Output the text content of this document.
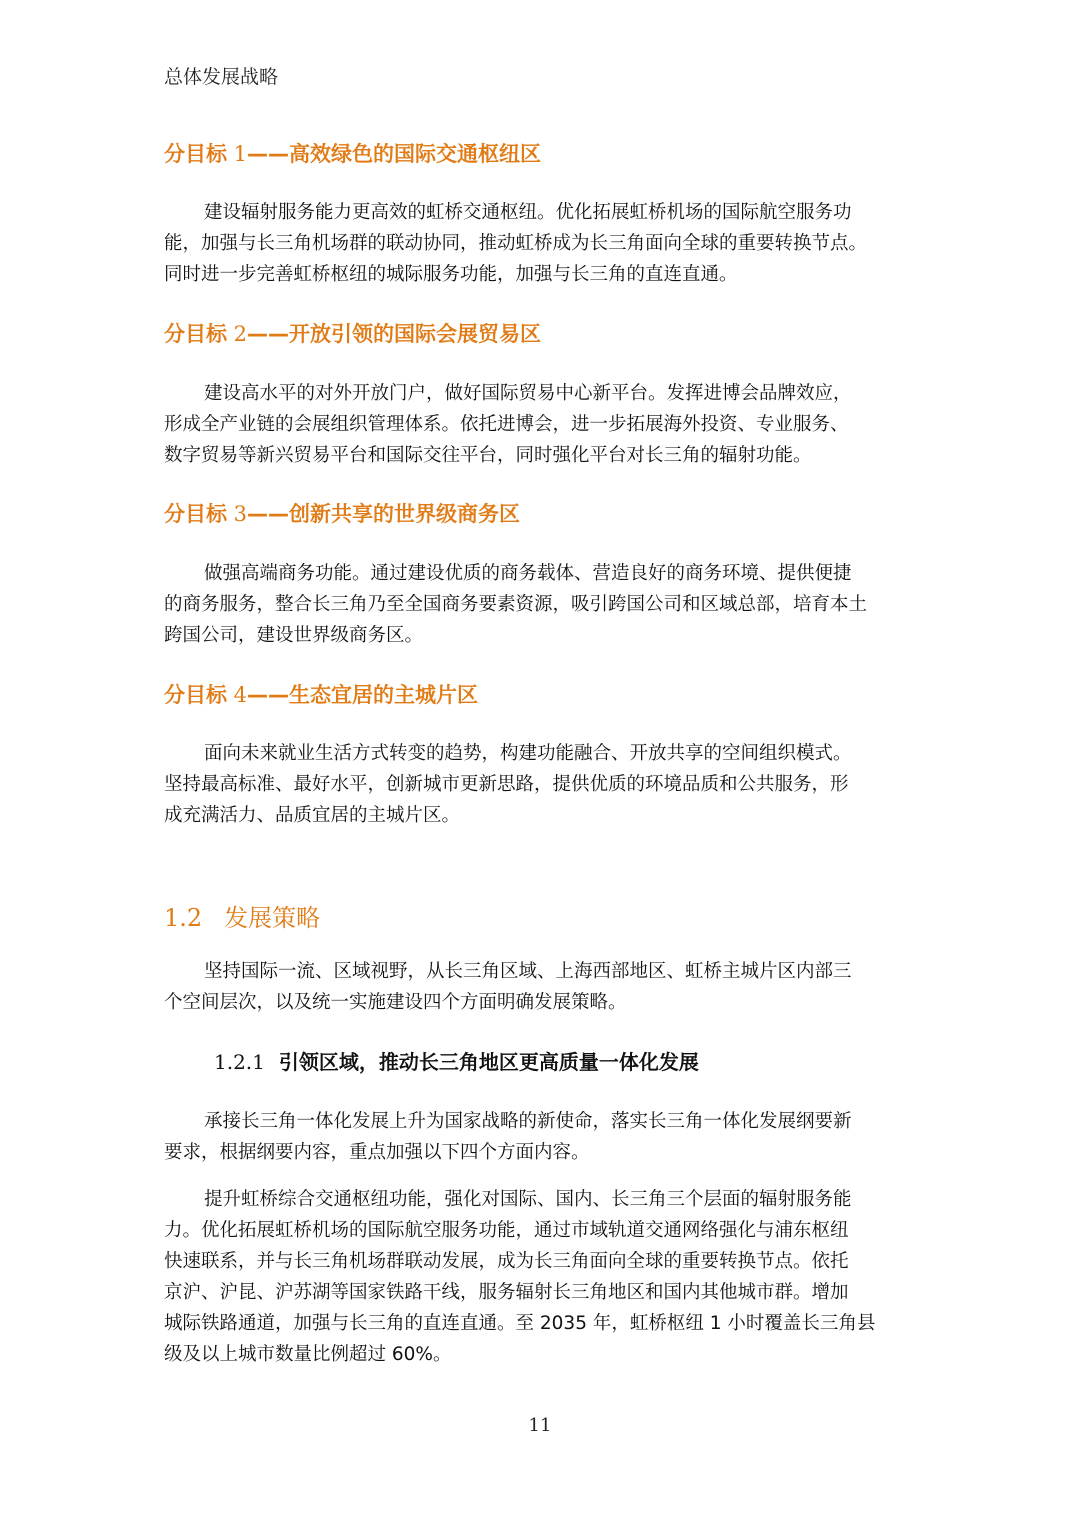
总体发展战略
分目标 1——高效绿色的国际交通枢纽区
建设辐射服务能力更高效的虹桥交通枢纽。优化拓展虹桥机场的国际航空服务功
能，加强与长三角机场群的联动协同，推动虹桥成为长三角面向全球的重要转换节点。
同时进一步完善虹桥枢纽的城际服务功能，加强与长三角的直连直通。
分目标 2——开放引领的国际会展贸易区
建设高水平的对外开放门户，做好国际贸易中心新平台。发挥进博会品牌效应，
形成全产业链的会展组织管理体系。依托进博会，进一步拓展海外投资、专业服务、
数字贸易等新兴贸易平台和国际交往平台，同时强化平台对长三角的辐射功能。
分目标 3——创新共享的世界级商务区
做强高端商务功能。通过建设优质的商务载体、营造良好的商务环境、提供便捷
的商务服务，整合长三角乃至全国商务要素资源，吸引跨国公司和区域总部，培育本土
跨国公司，建设世界级商务区。
分目标 4——生态宜居的主城片区
面向未来就业生活方式转变的趋势，构建功能融合、开放共享的空间组织模式。
坚持最高标准、最好水平，创新城市更新思路，提供优质的环境品质和公共服务，形
成充满活力、品质宜居的主城片区。
1.2 发展策略
坚持国际一流、区域视野，从长三角区域、上海西部地区、虹桥主城片区内部三
个空间层次，以及统一实施建设四个方面明确发展策略。
1.2.1 引领区域，推动长三角地区更高质量一体化发展
承接长三角一体化发展上升为国家战略的新使命，落实长三角一体化发展纲要新
要求，根据纲要内容，重点加强以下四个方面内容。
提升虹桥综合交通枢纽功能，强化对国际、国内、长三角三个层面的辐射服务能
力。优化拓展虹桥机场的国际航空服务功能，通过市域轨道交通网络强化与浦东枢纽
快速联系，并与长三角机场群联动发展，成为长三角面向全球的重要转换节点。依托
京沪、沪昆、沪苏湖等国家铁路干线，服务辐射长三角地区和国内其他城市群。增加
城际铁路通道，加强与长三角的直连直通。至 2035 年，虹桥枢纽 1 小时覆盖长三角县
级及以上城市数量比例超过 60%。
11
